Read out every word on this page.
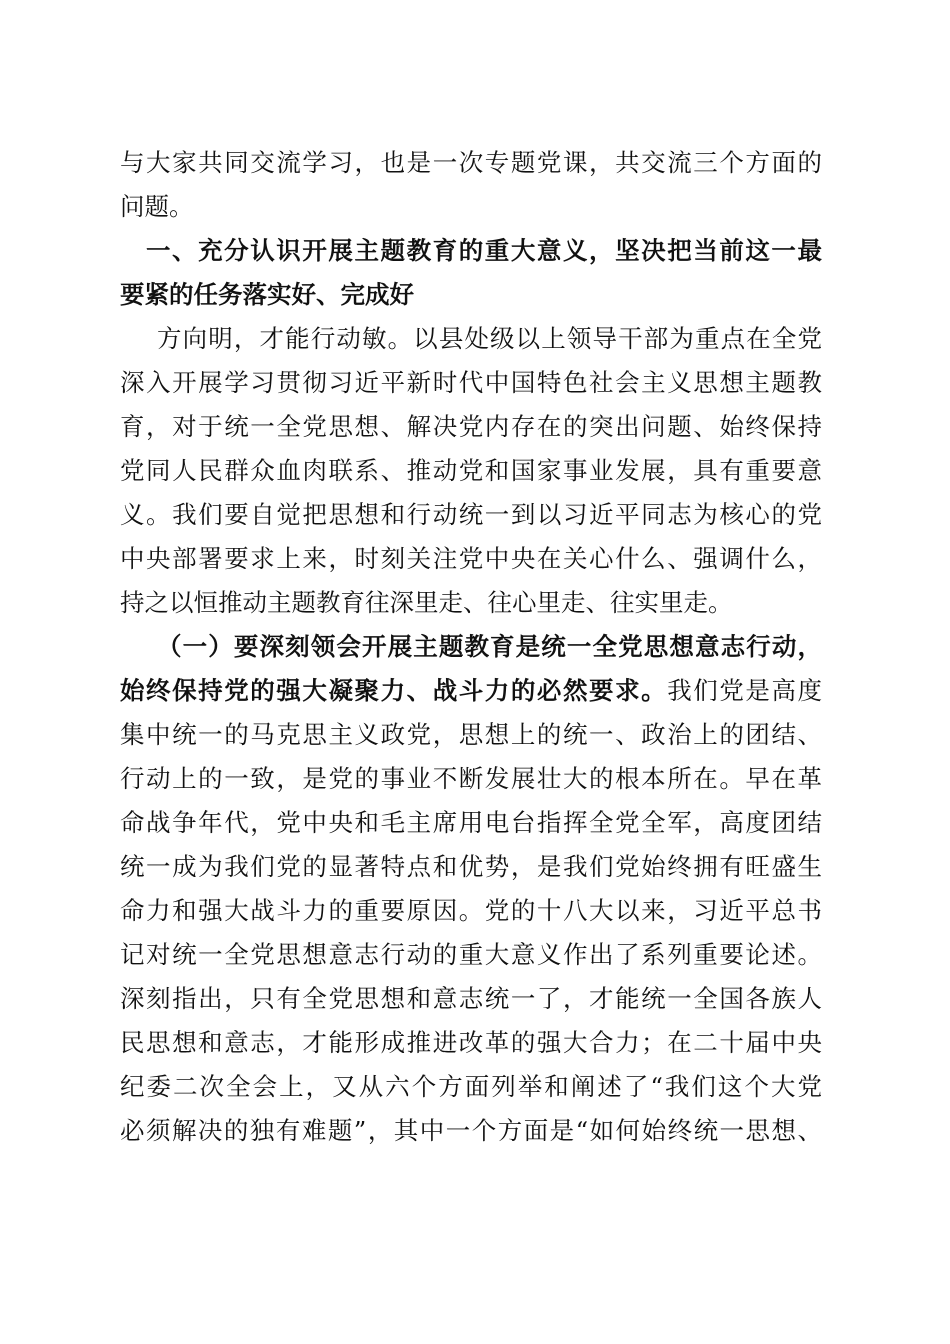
与大家共同交流学习，也是一次专题党课，共交流三个方面的
问题。
一、充分认识开展主题教育的重大意义，坚决把当前这一最
要紧的任务落实好、完成好
方向明，才能行动敏。以县处级以上领导干部为重点在全党
深入开展学习贯彻习近平新时代中国特色社会主义思想主题教
育，对于统一全党思想、解决党内存在的突出问题、始终保持
党同人民群众血肉联系、推动党和国家事业发展，具有重要意
义。我们要自觉把思想和行动统一到以习近平同志为核心的党
中央部署要求上来，时刻关注党中央在关心什么、强调什么，
持之以恒推动主题教育往深里走、往心里走、往实里走。
（一）要深刻领会开展主题教育是统一全党思想意志行动，
始终保持党的强大凝聚力、战斗力的必然要求。我们党是高度
集中统一的马克思主义政党，思想上的统一、政治上的团结、
行动上的一致，是党的事业不断发展壮大的根本所在。早在革
命战争年代，党中央和毛主席用电台指挥全党全军，高度团结
统一成为我们党的显著特点和优势，是我们党始终拥有旺盛生
命力和强大战斗力的重要原因。党的十八大以来，习近平总书
记对统一全党思想意志行动的重大意义作出了系列重要论述。
深刻指出，只有全党思想和意志统一了，才能统一全国各族人
民思想和意志，才能形成推进改革的强大合力；在二十届中央
纪委二次全会上，又从六个方面列举和阐述了“我们这个大党
必须解决的独有难题”，其中一个方面是“如何始终统一思想、
